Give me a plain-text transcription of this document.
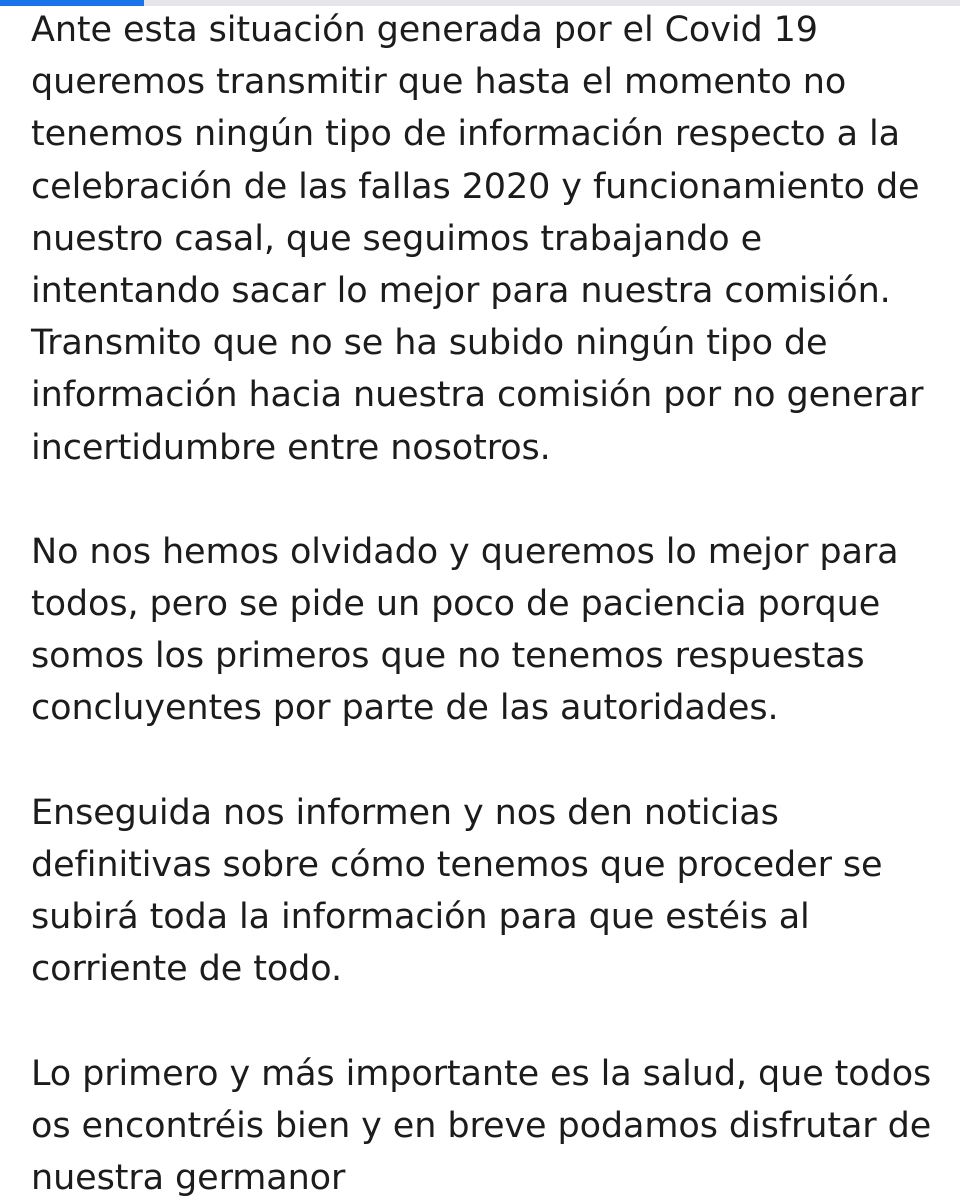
Ante esta situación generada por el Covid 19
queremos transmitir que hasta el momento no
tenemos ningún tipo de información respecto a la
celebración de las fallas 2020 y funcionamiento de
nuestro casal, que seguimos trabajando e
intentando sacar lo mejor para nuestra comisión.
Transmito que no se ha subido ningún tipo de
información hacia nuestra comisión por no generar
incertidumbre entre nosotros.

No nos hemos olvidado y queremos lo mejor para
todos, pero se pide un poco de paciencia porque
somos los primeros que no tenemos respuestas
concluyentes por parte de las autoridades.

Enseguida nos informen y nos den noticias
definitivas sobre cómo tenemos que proceder se
subirá toda la información para que estéis al
corriente de todo.

Lo primero y más importante es la salud, que todos
os encontréis bien y en breve podamos disfrutar de
nuestra germanor
